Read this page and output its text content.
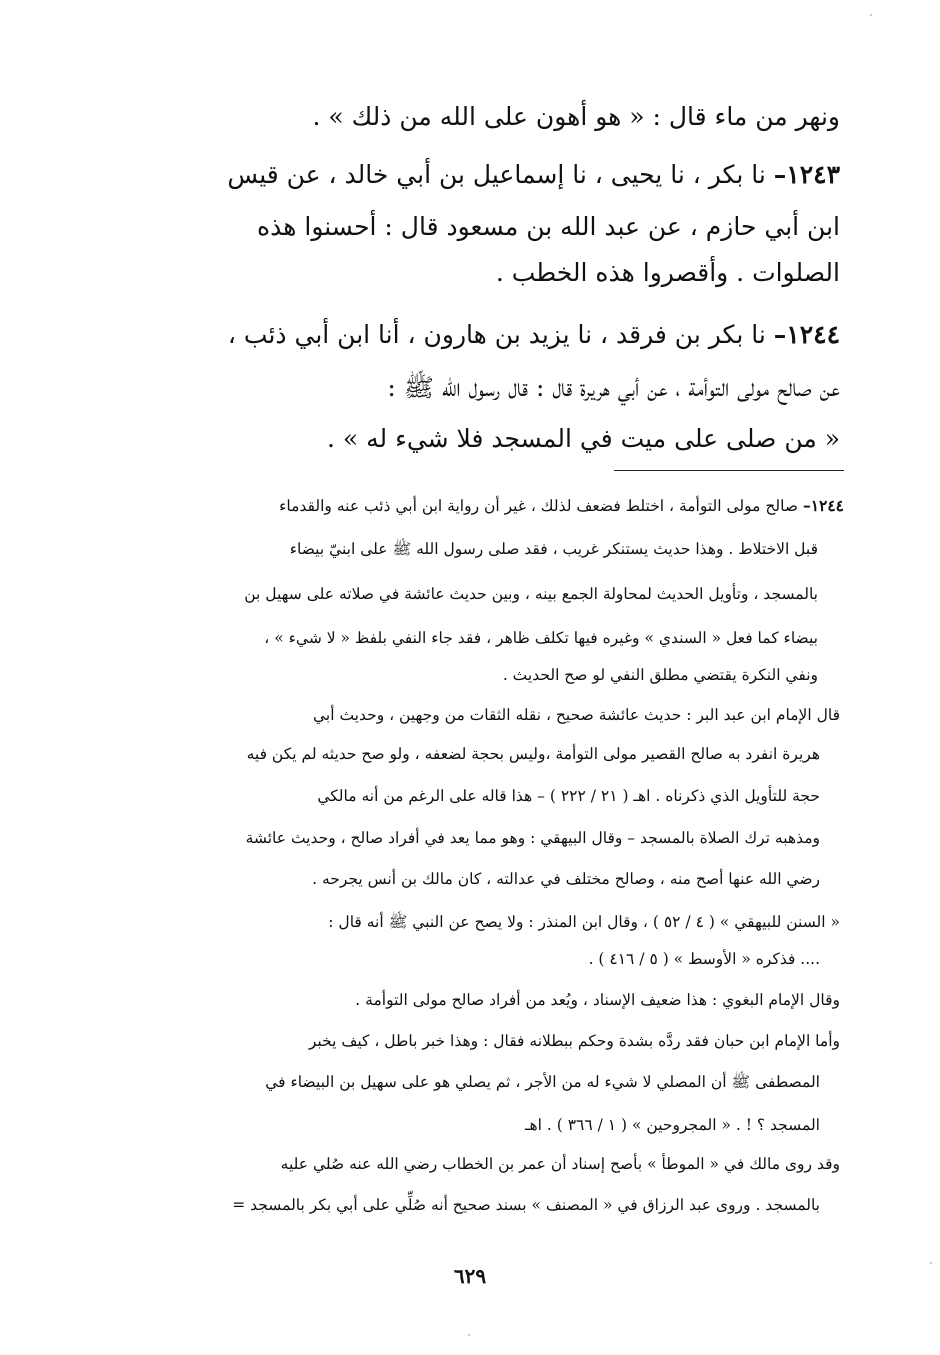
ونهر من ماء قال : « هو أهون على الله من ذلك » .
١٢٤٣– نا بكر ، نا يحيى ، نا إسماعيل بن أبي خالد ، عن قيس
ابن أبي حازم ، عن عبد الله بن مسعود قال : أحسنوا هذه
الصلوات . وأقصروا هذه الخطب .
١٢٤٤– نا بكر بن فرقد ، نا يزيد بن هارون ، أنا ابن أبي ذئب ،
عن صالح مولى التوأمة ، عن أبي هريرة قال : قال رسول الله ﷺ :
« من صلى على ميت في المسجد فلا شيء له » .
١٢٤٤– صالح مولى التوأمة ، اختلط فضعف لذلك ، غير أن رواية ابن أبي ذئب عنه والقدماء
قبل الاختلاط . وهذا حديث يستنكر غريب ، فقد صلى رسول الله ﷺ على ابنيّ بيضاء
بالمسجد ، وتأويل الحديث لمحاولة الجمع بينه ، وبين حديث عائشة في صلاته على سهيل بن
بيضاء كما فعل « السندي » وغيره فيها تكلف ظاهر ، فقد جاء النفي بلفظ « لا شيء » ،
ونفي النكرة يقتضي مطلق النفي لو صح الحديث .
قال الإمام ابن عبد البر : حديث عائشة صحيح ، نقله الثقات من وجهين ، وحديث أبي
هريرة انفرد به صالح القصير مولى التوأمة ،وليس بحجة لضعفه ، ولو صح حديثه لم يكن فيه
حجة للتأويل الذي ذكرناه . اهـ ( ٢١ / ٢٢٢ ) – هذا قاله على الرغم من أنه مالكي
ومذهبه ترك الصلاة بالمسجد – وقال البيهقي : وهو مما يعد في أفراد صالح ، وحديث عائشة
رضي الله عنها أصح منه ، وصالح مختلف في عدالته ، كان مالك بن أنس يجرحه .
« السنن للبيهقي » ( ٤ / ٥٢ ) ، وقال ابن المنذر : ولا يصح عن النبي ﷺ أنه قال :
.... فذكره « الأوسط » ( ٥ / ٤١٦ ) .
وقال الإمام البغوي : هذا ضعيف الإسناد ، ويُعد من أفراد صالح مولى التوأمة .
وأما الإمام ابن حبان فقد ردَّه بشدة وحكم ببطلانه فقال : وهذا خبر باطل ، كيف يخبر
المصطفى ﷺ أن المصلي لا شيء له من الأجر ، ثم يصلي هو على سهيل بن البيضاء في
المسجد ؟ ! . « المجروحين » ( ١ / ٣٦٦ ) . اهـ
وقد روى مالك في « الموطأ » بأصح إسناد أن عمر بن الخطاب رضي الله عنه صُلي عليه
بالمسجد . وروى عبد الرزاق في « المصنف » بسند صحيح أنه صُلِّي على أبي بكر بالمسجد =
٦٢٩
